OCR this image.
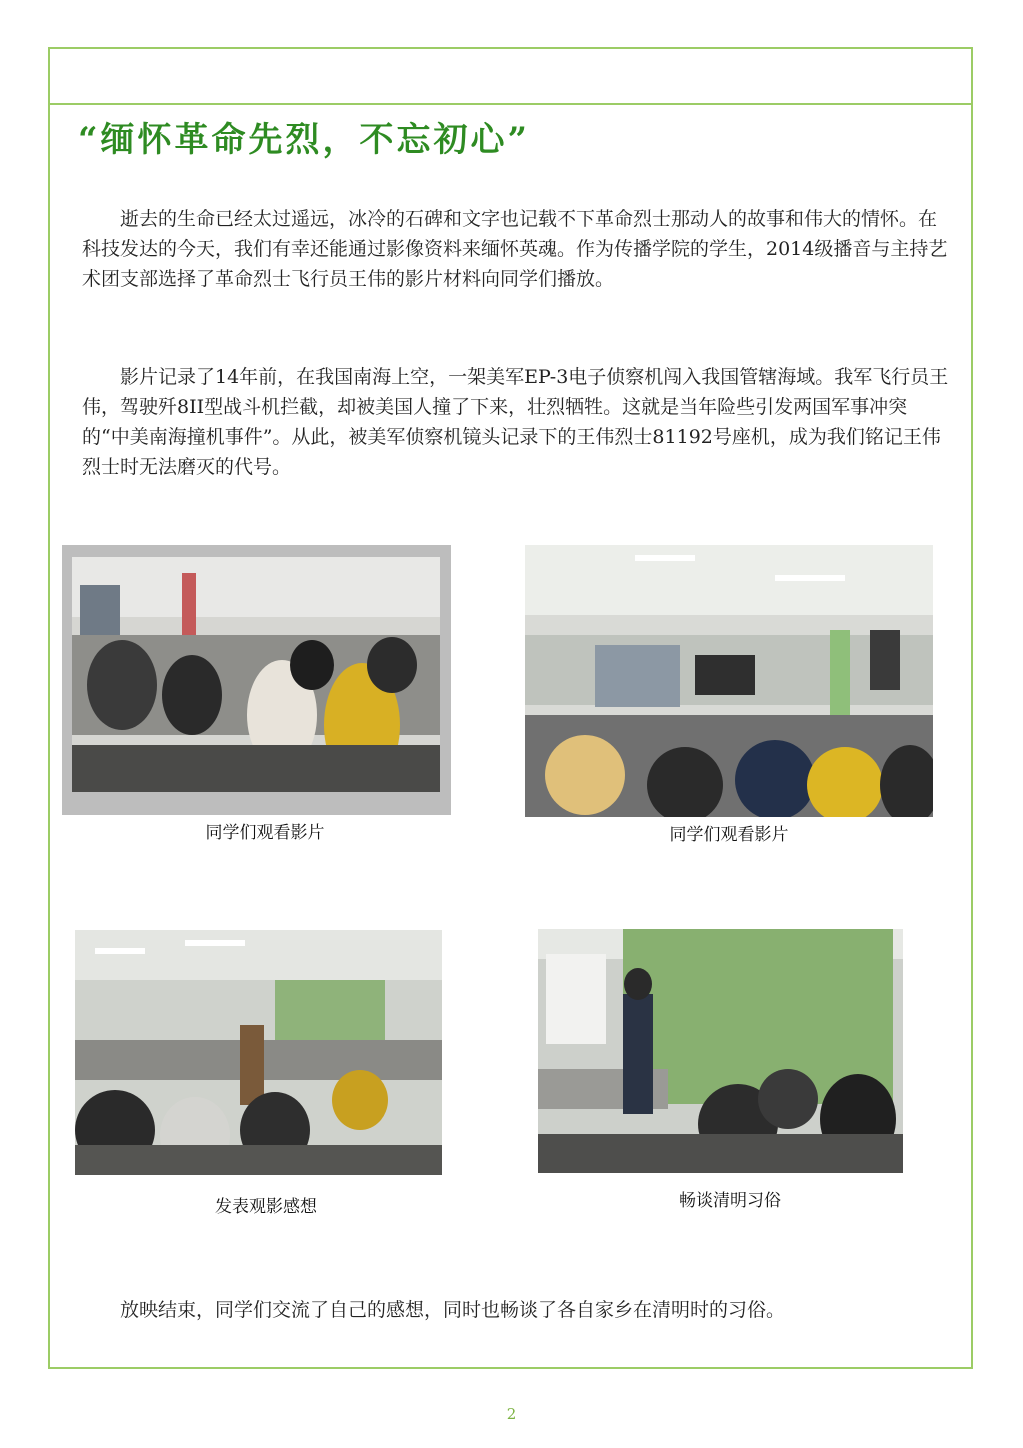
“缅怀革命先烈，不忘初心”

逝去的生命已经太过遥远，冰冷的石碑和文字也记载不下革命烈士那动人的故事和伟大的情怀。在科技发达的今天，我们有幸还能通过影像资料来缅怀英魂。作为传播学院的学生，2014级播音与主持艺术团支部选择了革命烈士飞行员王伟的影片材料向同学们播放。

影片记录了14年前，在我国南海上空，一架美军EP-3电子侦察机闯入我国管辖海域。我军飞行员王伟，驾驶歼8II型战斗机拦截，却被美国人撞了下来，壮烈牺牲。这就是当年险些引发两国军事冲突的“中美南海撞机事件”。从此，被美军侦察机镜头记录下的王伟烈士81192号座机，成为我们铭记王伟烈士时无法磨灭的代号。

同学们观看影片	同学们观看影片
发表观影感想	畅谈清明习俗

放映结束，同学们交流了自己的感想，同时也畅谈了各自家乡在清明时的习俗。

2
